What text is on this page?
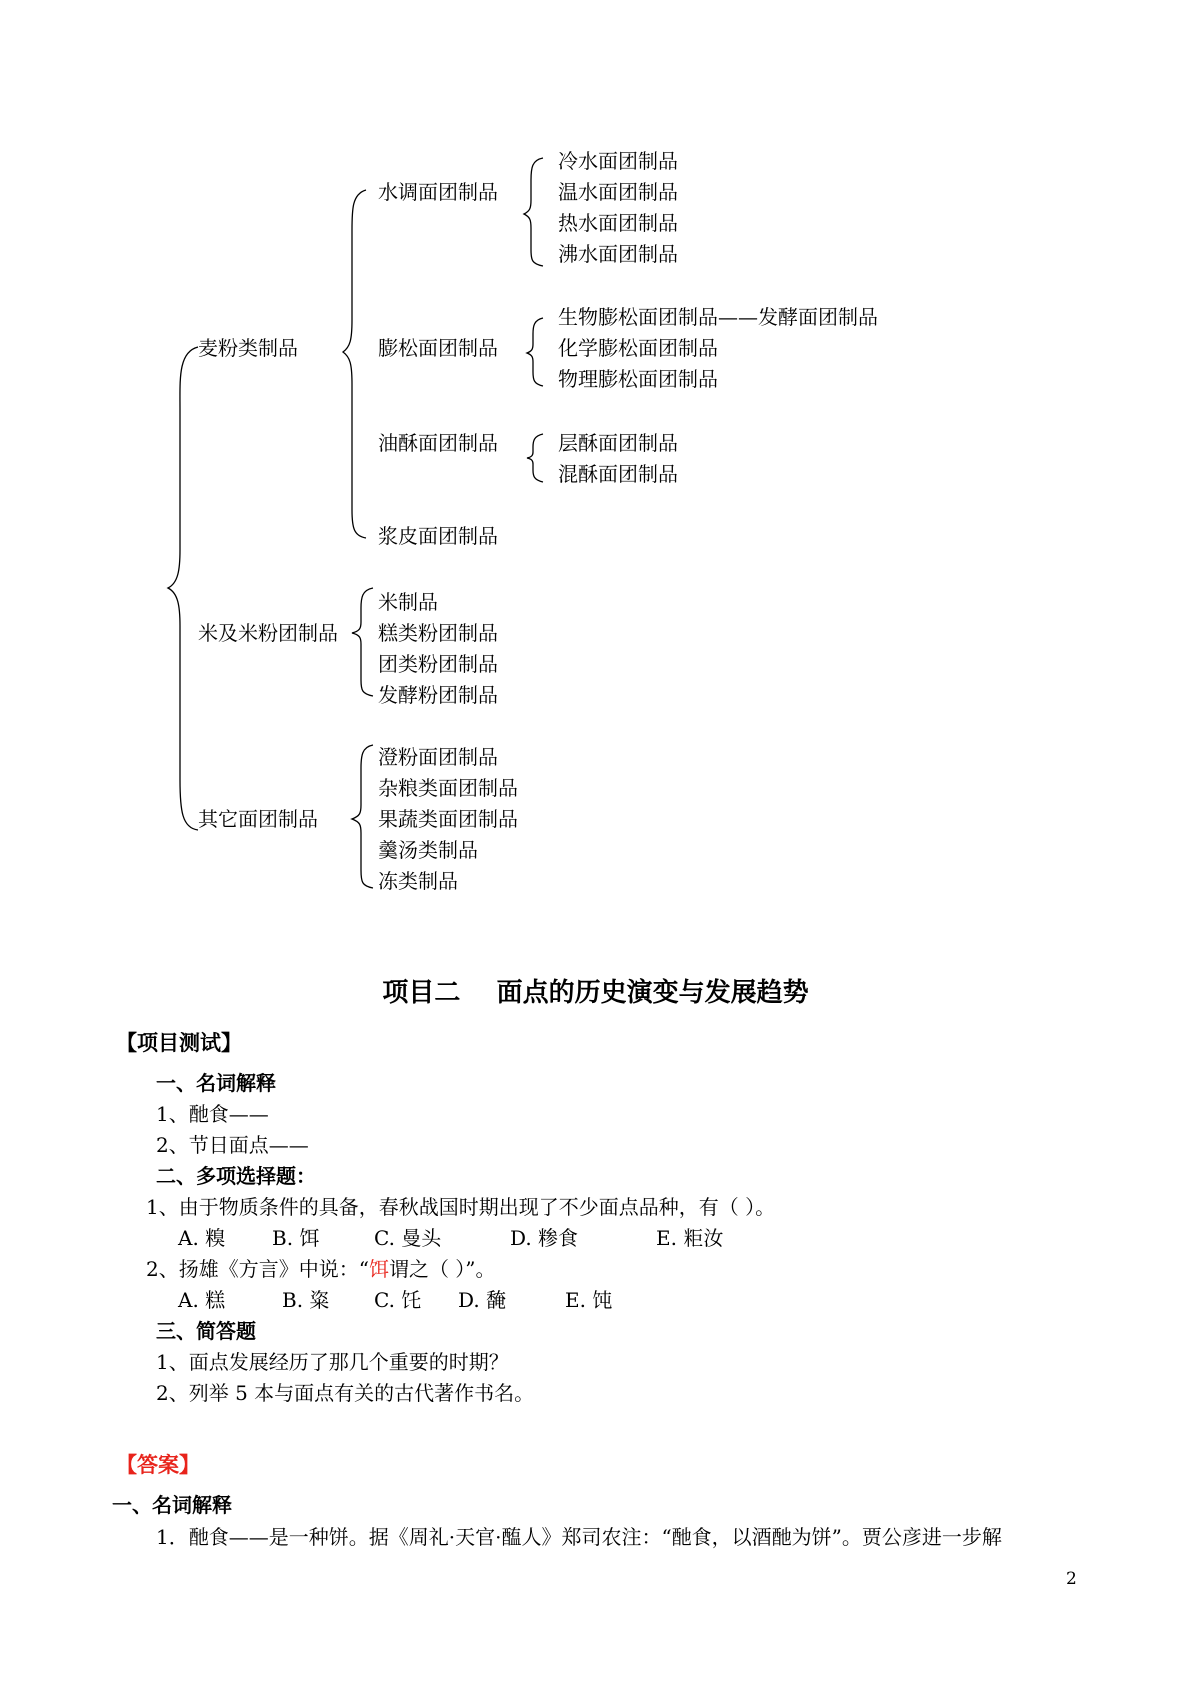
麦粉类制品
米及米粉团制品
其它面团制品
水调面团制品
膨松面团制品
油酥面团制品
浆皮面团制品
冷水面团制品
温水面团制品
热水面团制品
沸水面团制品
生物膨松面团制品——发酵面团制品
化学膨松面团制品
物理膨松面团制品
层酥面团制品
混酥面团制品
米制品
糕类粉团制品
团类粉团制品
发酵粉团制品
澄粉面团制品
杂粮类面团制品
果蔬类面团制品
羹汤类制品
冻类制品
项目二    面点的历史演变与发展趋势
【项目测试】
一、名词解释
1、酏食——
2、节日面点——
二、多项选择题：
1、由于物质条件的具备，春秋战国时期出现了不少面点品种，有（ ）。
A. 糗 B. 饵	C. 曼头	D. 糁食	E. 粔汝
2、扬雄《方言》中说：“饵谓之（ ）”。
A. 糕	B. 粢 C. 饦 D. 馣	E. 饨
三、简答题
1、面点发展经历了那几个重要的时期？
2、列举 5 本与面点有关的古代著作书名。
【答案】
一、名词解释
1．酏食——是一种饼。据《周礼·天官·醢人》郑司农注：“酏食，以酒酏为饼”。贾公彦进一步解
2
